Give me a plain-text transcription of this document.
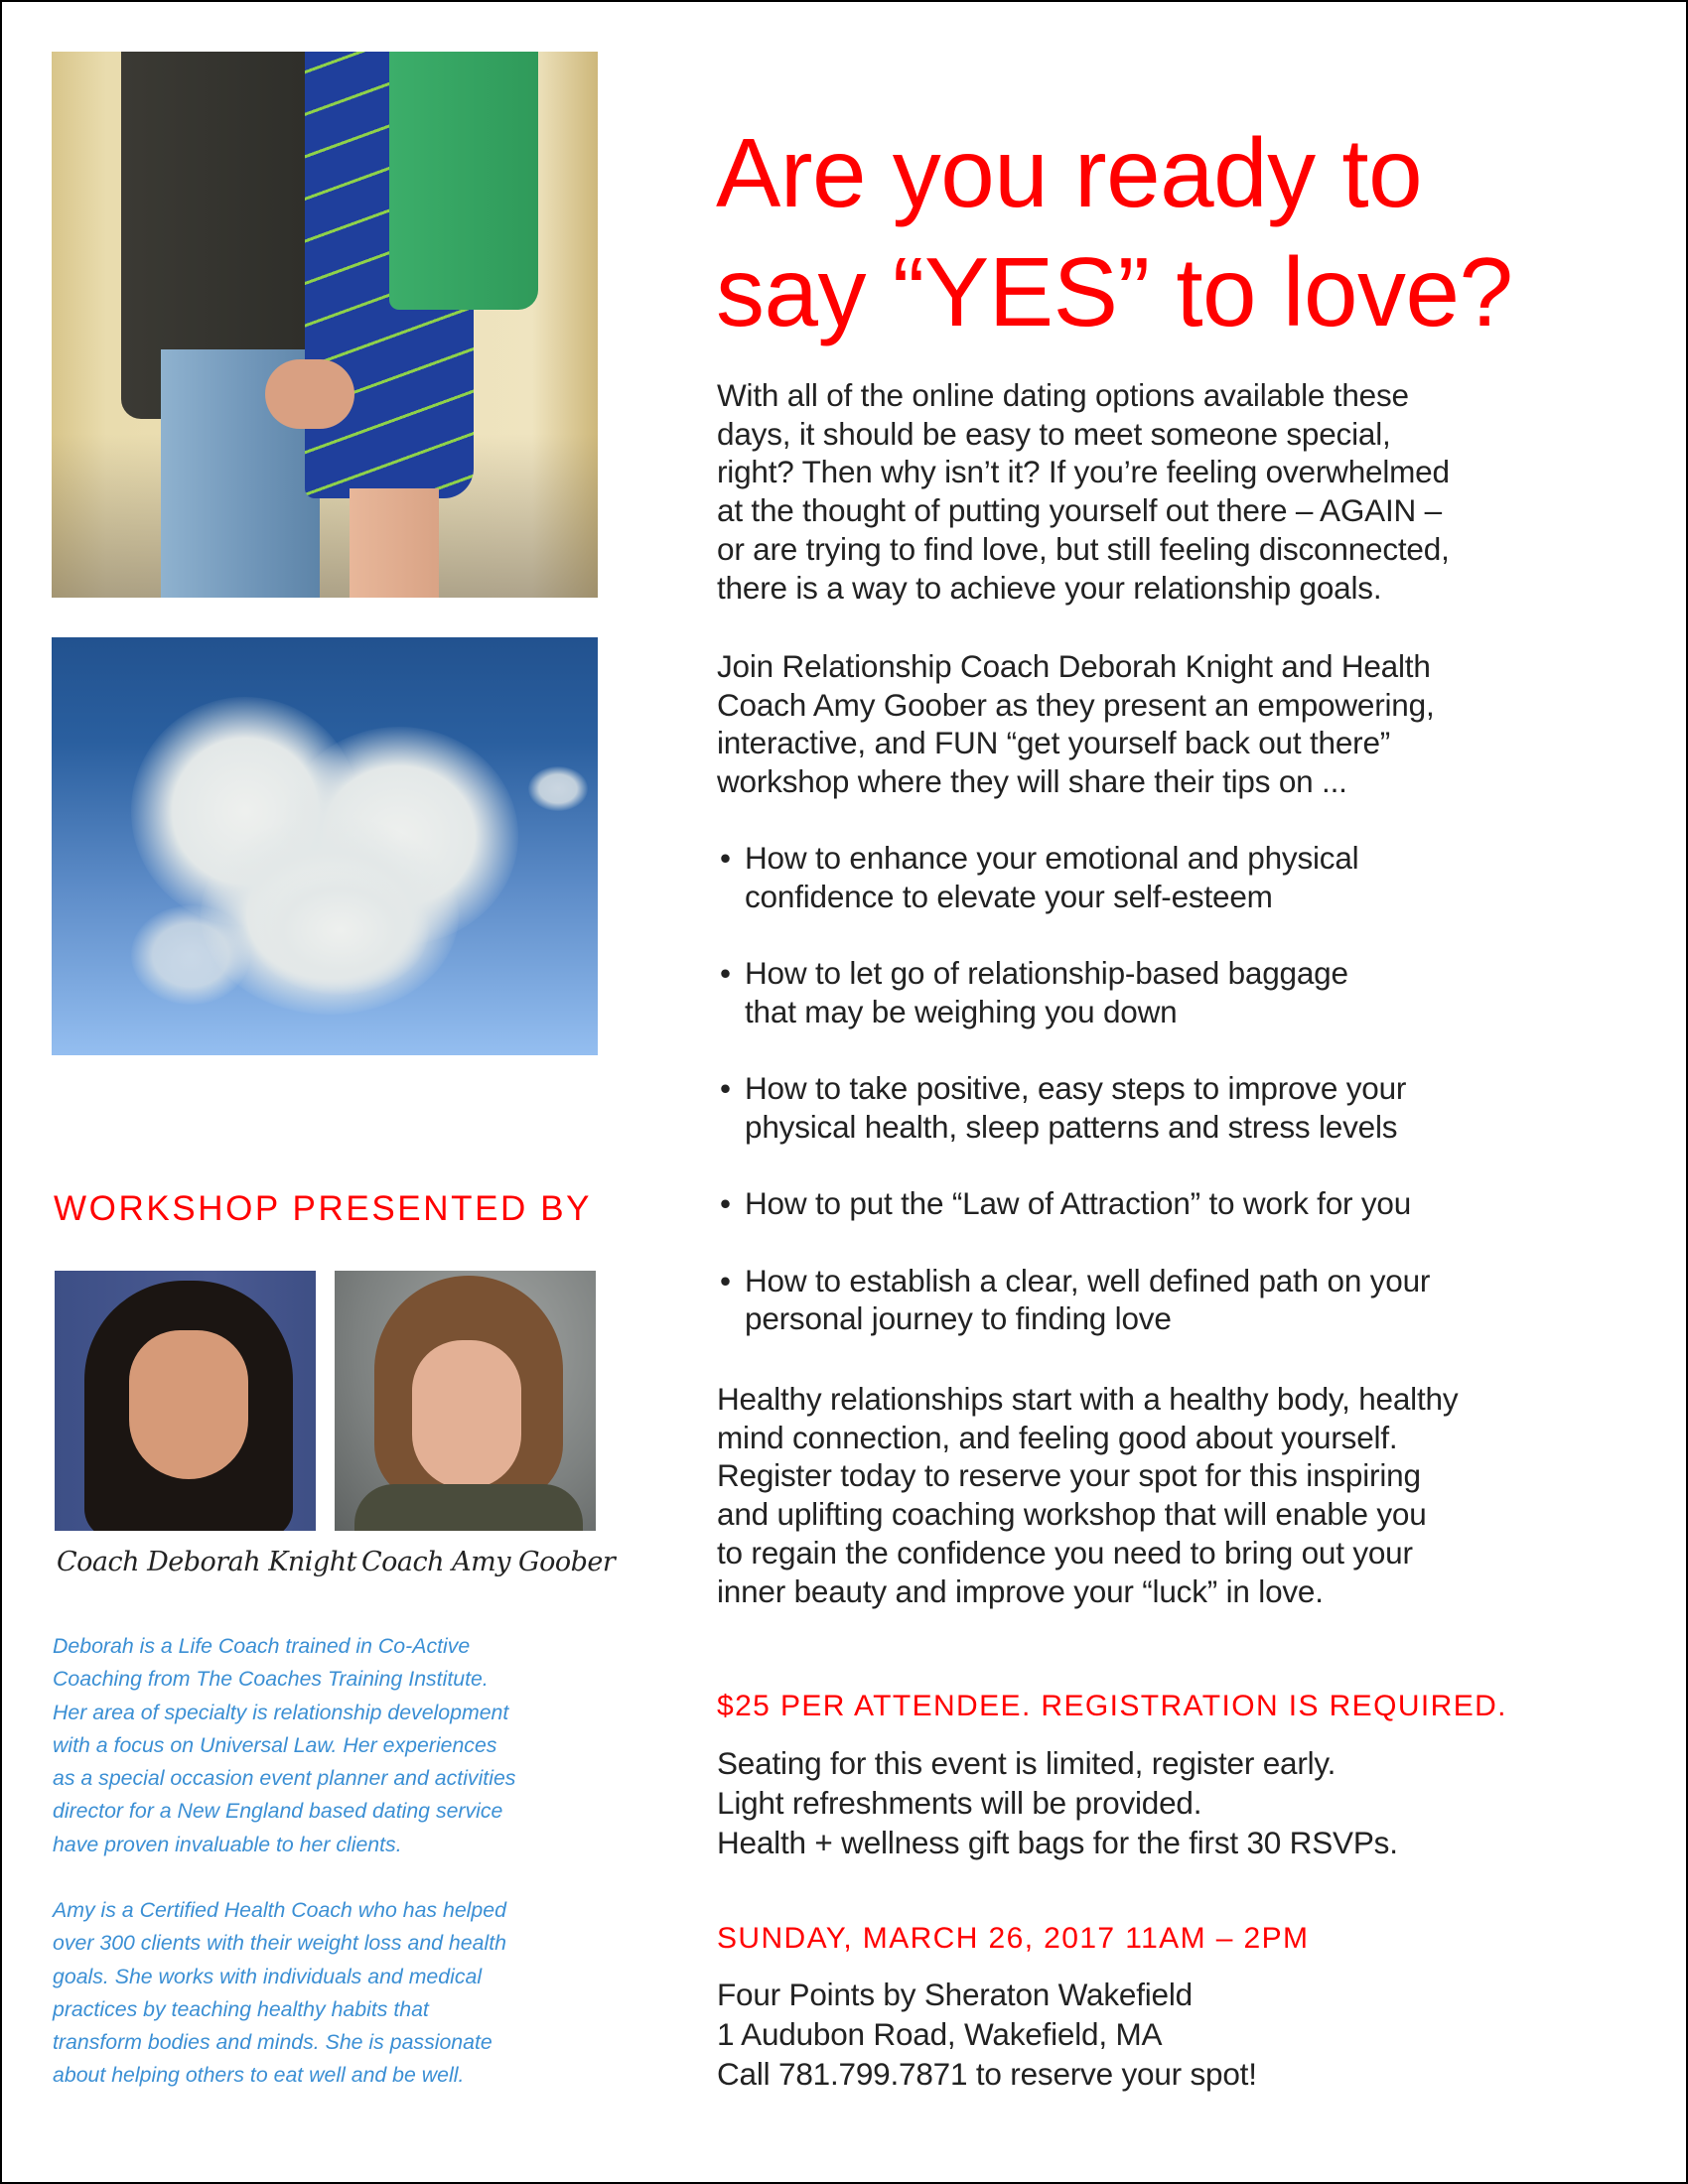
WORKSHOP PRESENTED BY
Coach Deborah Knight Coach Amy Goober
Deborah is a Life Coach trained in Co-Active
Coaching from The Coaches Training Institute.
Her area of specialty is relationship development
with a focus on Universal Law. Her experiences
as a special occasion event planner and activities
director for a New England based dating service
have proven invaluable to her clients.
Amy is a Certified Health Coach who has helped
over 300 clients with their weight loss and health
goals. She works with individuals and medical
practices by teaching healthy habits that
transform bodies and minds. She is passionate
about helping others to eat well and be well.
Are you ready to
say “YES” to love?
With all of the online dating options available these
days, it should be easy to meet someone special,
right? Then why isn’t it? If you’re feeling overwhelmed
at the thought of putting yourself out there – AGAIN –
or are trying to find love, but still feeling disconnected,
there is a way to achieve your relationship goals.
Join Relationship Coach Deborah Knight and Health
Coach Amy Goober as they present an empowering,
interactive, and FUN “get yourself back out there”
workshop where they will share their tips on ...
• How to enhance your emotional and physical
confidence to elevate your self-esteem
• How to let go of relationship-based baggage
that may be weighing you down
• How to take positive, easy steps to improve your
physical health, sleep patterns and stress levels
• How to put the “Law of Attraction” to work for you
• How to establish a clear, well defined path on your
personal journey to finding love
Healthy relationships start with a healthy body, healthy
mind connection, and feeling good about yourself.
Register today to reserve your spot for this inspiring
and uplifting coaching workshop that will enable you
to regain the confidence you need to bring out your
inner beauty and improve your “luck” in love.
$25 PER ATTENDEE. REGISTRATION IS REQUIRED.
Seating for this event is limited, register early.
Light refreshments will be provided.
Health + wellness gift bags for the first 30 RSVPs.
SUNDAY, MARCH 26, 2017 11AM – 2PM
Four Points by Sheraton Wakefield
1 Audubon Road, Wakefield, MA
Call 781.799.7871 to reserve your spot!
